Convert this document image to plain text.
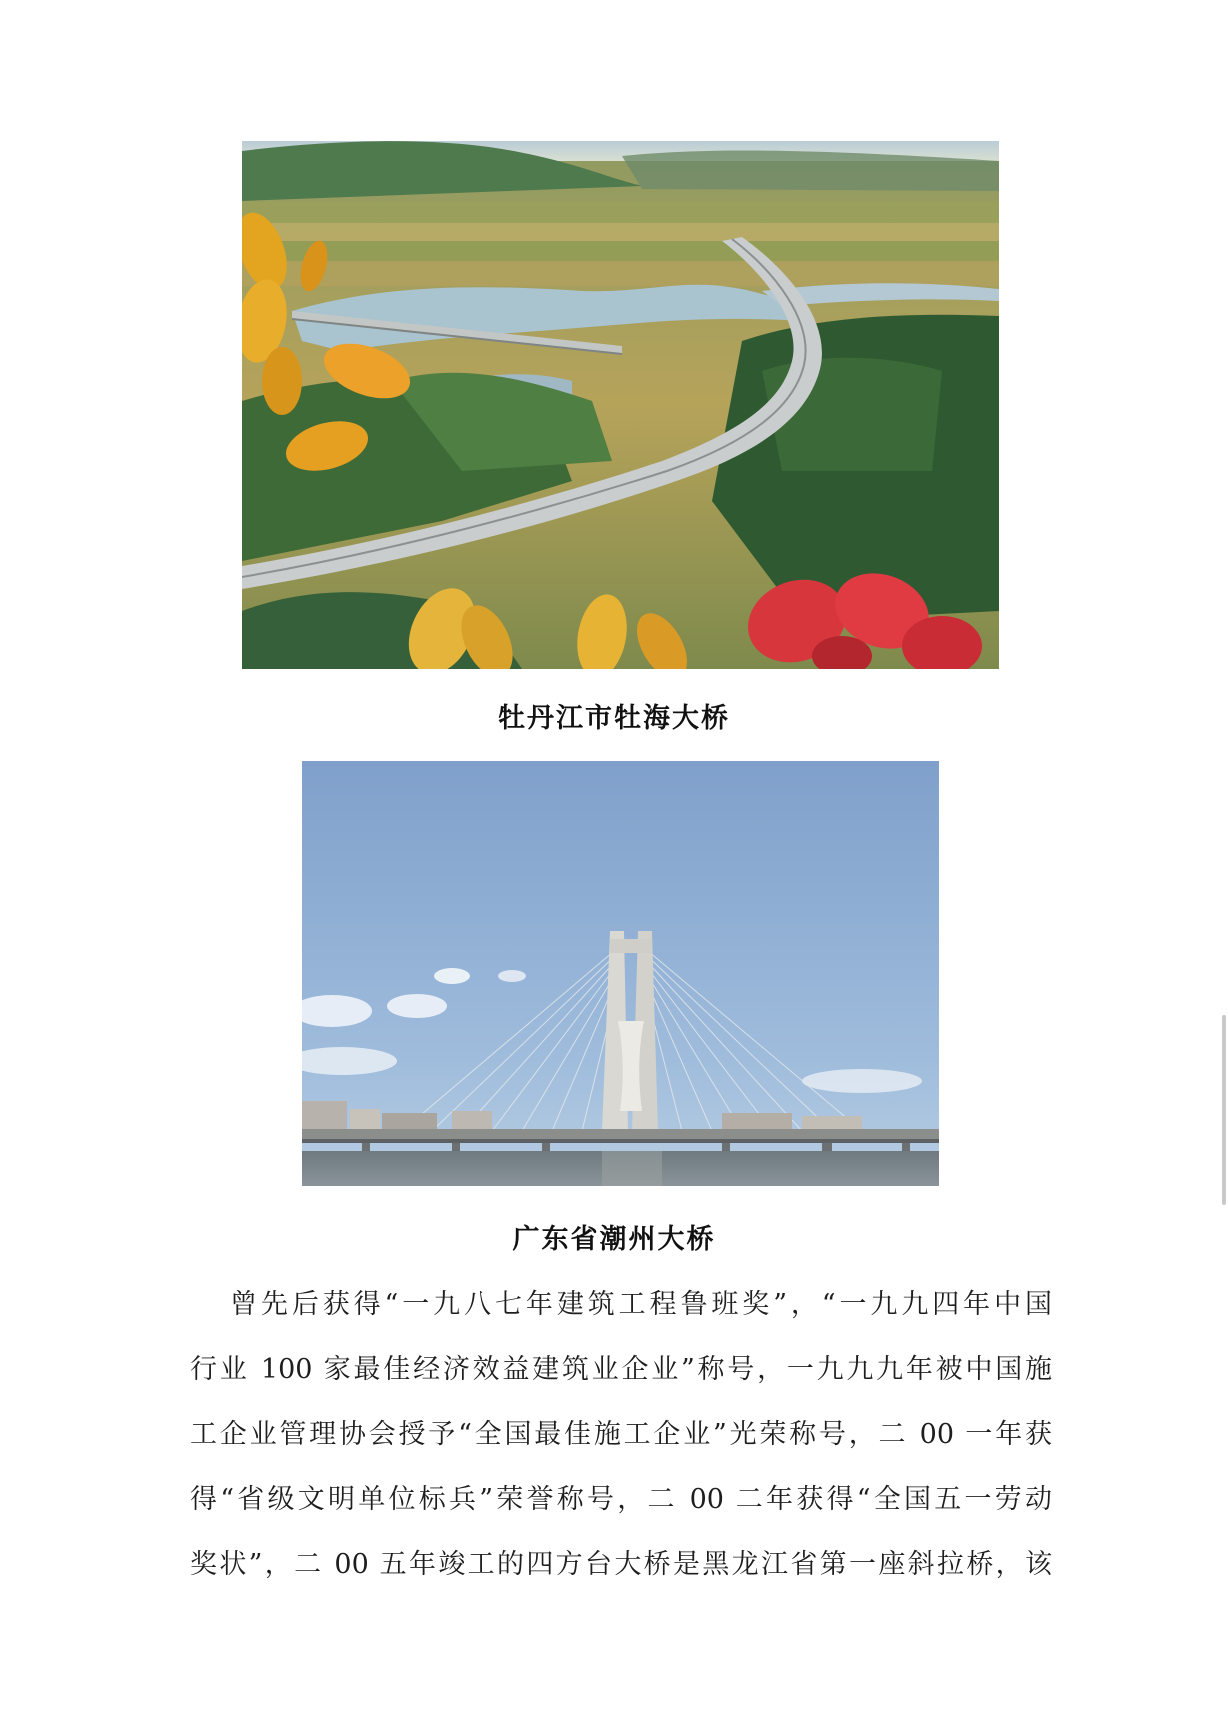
牡丹江市牡海大桥
广东省潮州大桥
曾先后获得“一九八七年建筑工程鲁班奖”，“一九九四年中国
行业 100 家最佳经济效益建筑业企业”称号，一九九九年被中国施
工企业管理协会授予“全国最佳施工企业”光荣称号，二 00 一年获
得“省级文明单位标兵”荣誉称号，二 00 二年获得“全国五一劳动
奖状”，二 00 五年竣工的四方台大桥是黑龙江省第一座斜拉桥，该
